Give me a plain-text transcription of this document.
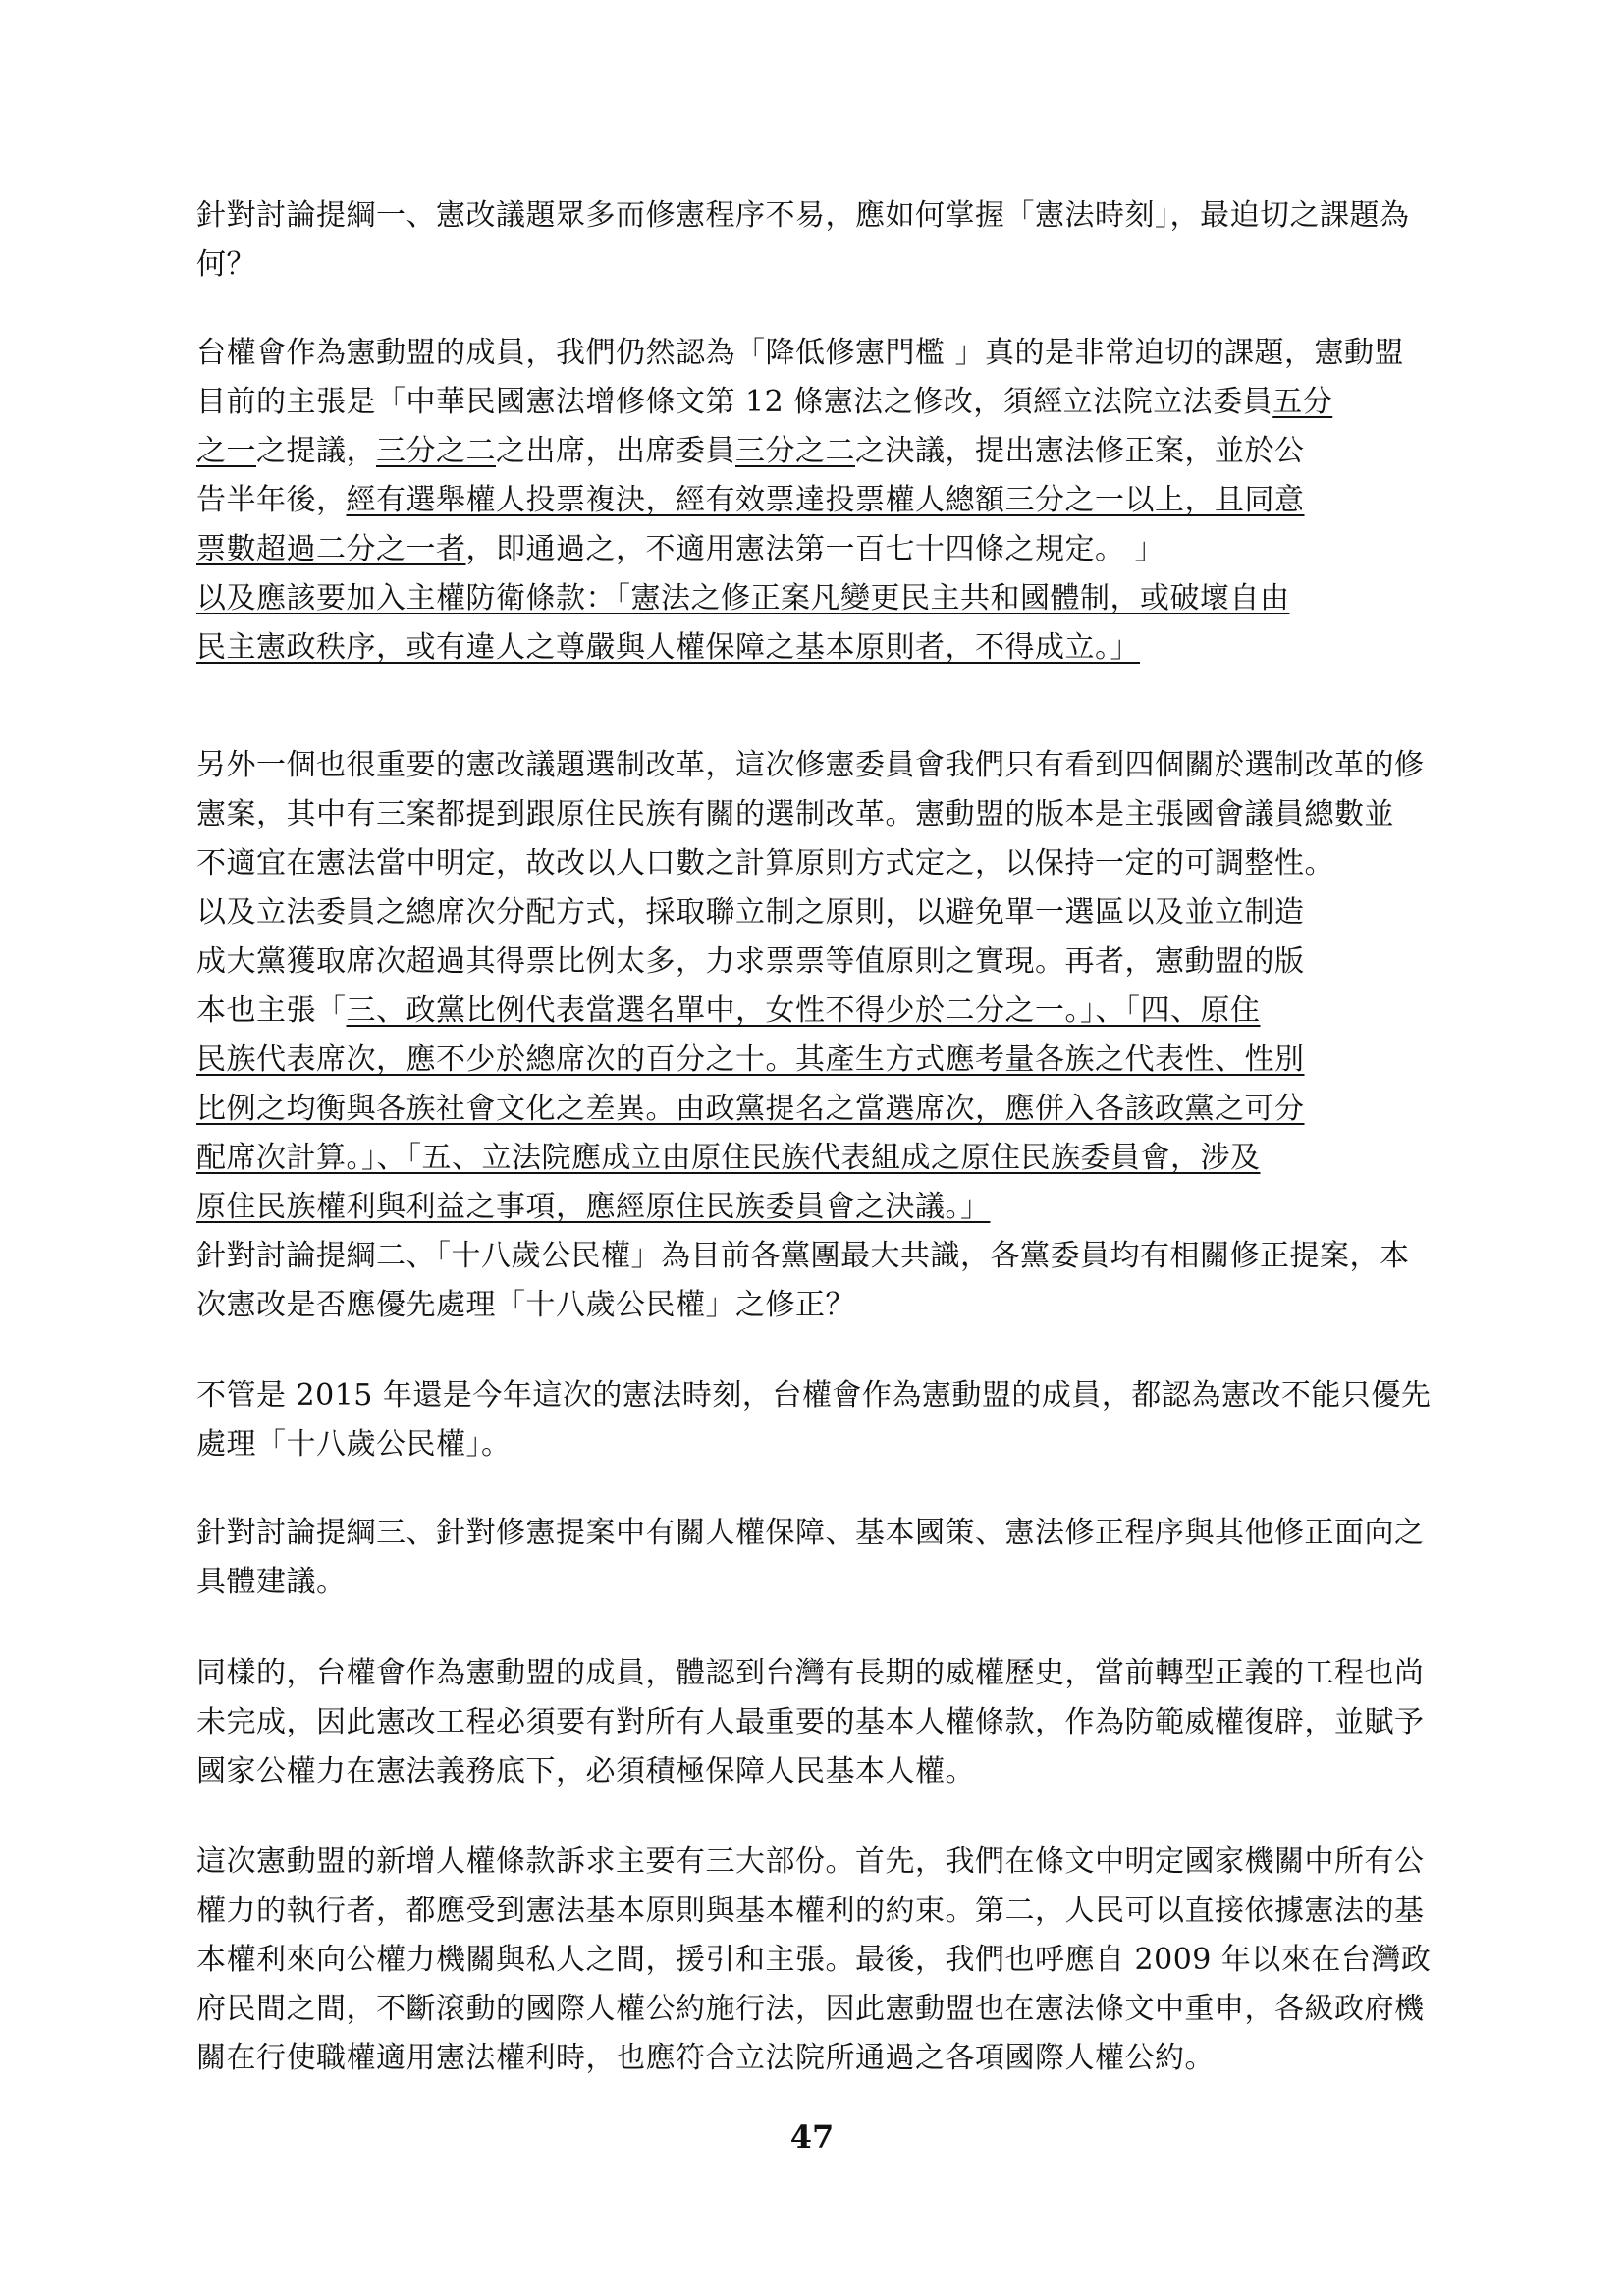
針對討論提綱一、憲改議題眾多而修憲程序不易，應如何掌握「憲法時刻」，最迫切之課題為
何？
台權會作為憲動盟的成員，我們仍然認為「降低修憲門檻 」真的是非常迫切的課題，憲動盟
目前的主張是「中華民國憲法增修條文第 12 條憲法之修改，須經立法院立法委員五分
之一之提議，三分之二之出席，出席委員三分之二之決議，提出憲法修正案，並於公
告半年後，經有選舉權人投票複決，經有效票達投票權人總額三分之一以上，且同意
票數超過二分之一者，即通過之，不適用憲法第一百七十四條之規定。 」
以及應該要加入主權防衛條款：「憲法之修正案凡變更民主共和國體制，或破壞自由
民主憲政秩序，或有違人之尊嚴與人權保障之基本原則者，不得成立。」
另外一個也很重要的憲改議題選制改革，這次修憲委員會我們只有看到四個關於選制改革的修
憲案，其中有三案都提到跟原住民族有關的選制改革。憲動盟的版本是主張國會議員總數並
不適宜在憲法當中明定，故改以人口數之計算原則方式定之，以保持一定的可調整性。
以及立法委員之總席次分配方式，採取聯立制之原則，以避免單一選區以及並立制造
成大黨獲取席次超過其得票比例太多，力求票票等值原則之實現。再者，憲動盟的版
本也主張「三、政黨比例代表當選名單中，女性不得少於二分之一。」、「四、原住
民族代表席次，應不少於總席次的百分之十。其產生方式應考量各族之代表性、性別
比例之均衡與各族社會文化之差異。由政黨提名之當選席次，應併入各該政黨之可分
配席次計算。」、「五、立法院應成立由原住民族代表組成之原住民族委員會，涉及
原住民族權利與利益之事項，應經原住民族委員會之決議。」
針對討論提綱二、「十八歲公民權」為目前各黨團最大共識，各黨委員均有相關修正提案，本
次憲改是否應優先處理「十八歲公民權」之修正？
不管是 2015 年還是今年這次的憲法時刻，台權會作為憲動盟的成員，都認為憲改不能只優先
處理「十八歲公民權」。
針對討論提綱三、針對修憲提案中有關人權保障、基本國策、憲法修正程序與其他修正面向之
具體建議。
同樣的，台權會作為憲動盟的成員，體認到台灣有長期的威權歷史，當前轉型正義的工程也尚
未完成，因此憲改工程必須要有對所有人最重要的基本人權條款，作為防範威權復辟，並賦予
國家公權力在憲法義務底下，必須積極保障人民基本人權。
這次憲動盟的新增人權條款訴求主要有三大部份。首先，我們在條文中明定國家機關中所有公
權力的執行者，都應受到憲法基本原則與基本權利的約束。第二，人民可以直接依據憲法的基
本權利來向公權力機關與私人之間，援引和主張。最後，我們也呼應自 2009 年以來在台灣政
府民間之間，不斷滾動的國際人權公約施行法，因此憲動盟也在憲法條文中重申，各級政府機
關在行使職權適用憲法權利時，也應符合立法院所通過之各項國際人權公約。
47
